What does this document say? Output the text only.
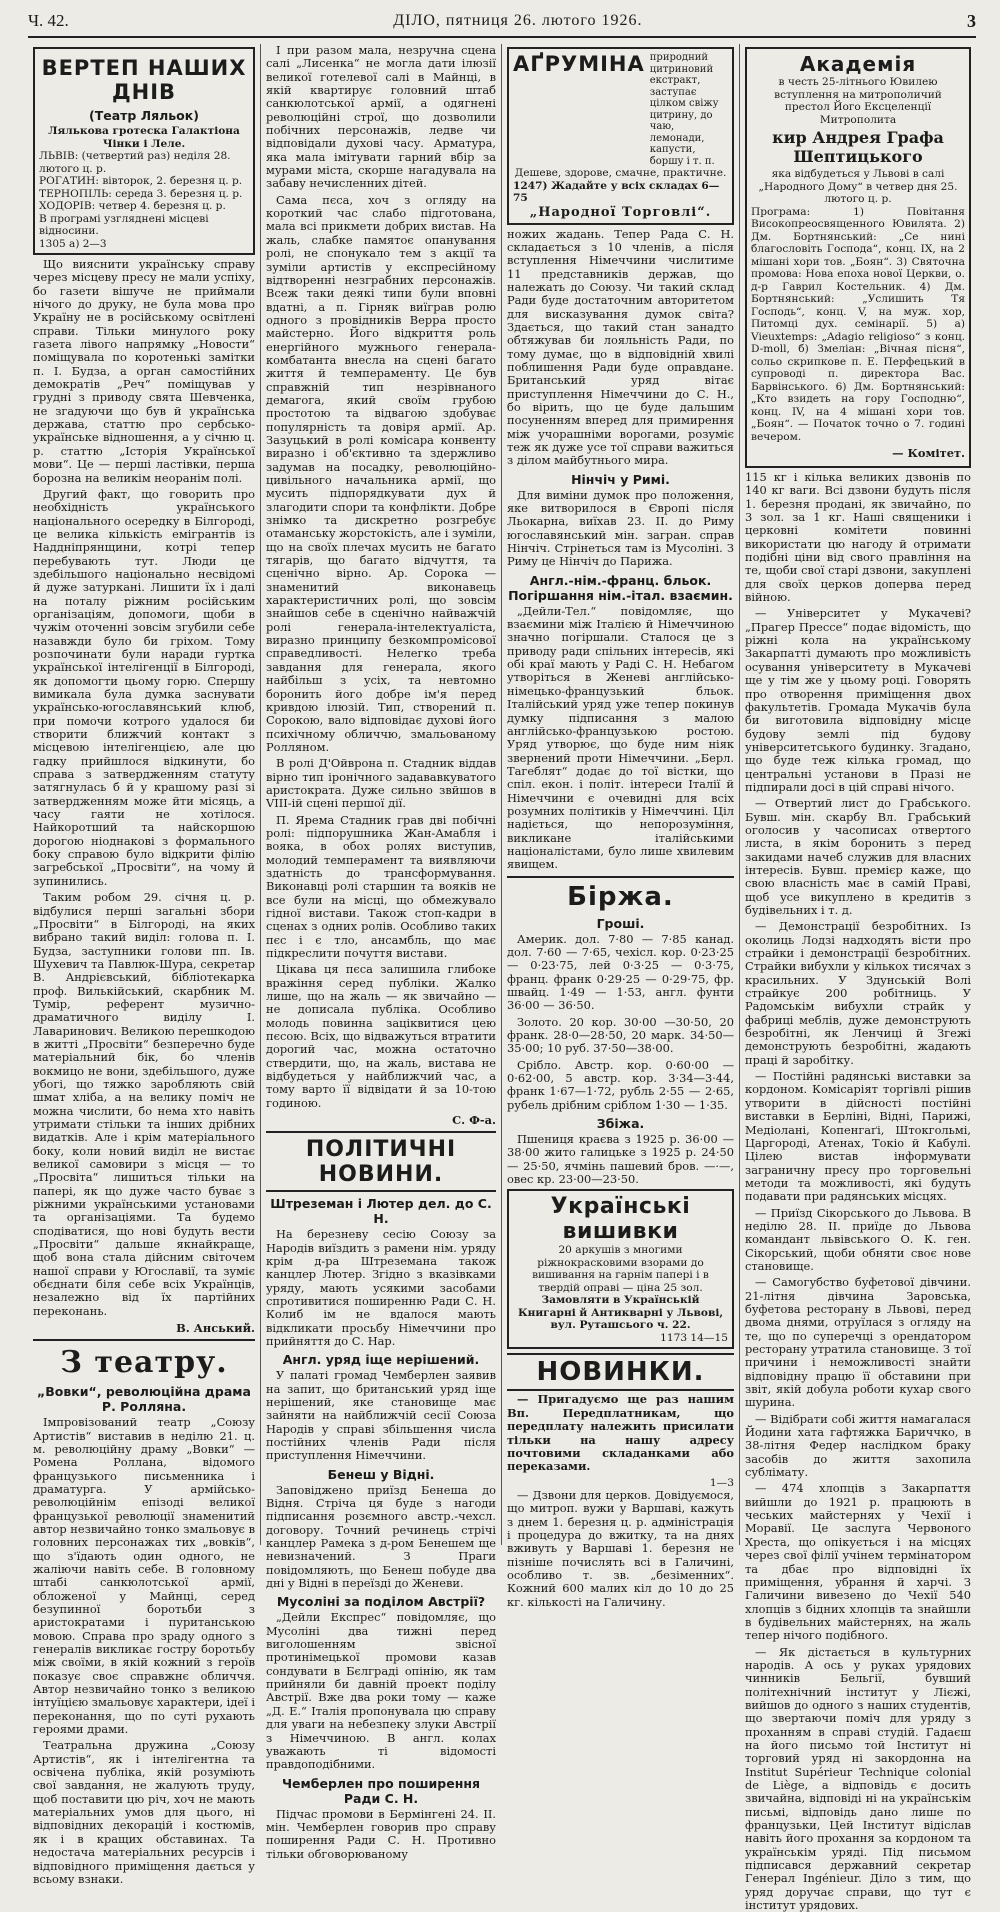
Ч. 42.	ДІЛО, пятниця 26. лютого 1926.	3
ВЕРТЕП НАШИХ ДНІВ
(Театр Ляльок)
Лялькова гротеска Галактіона Чінки і Леле.
ЛЬВІВ: (четвертий раз) неділя 28. лютого ц. р.
РОГАТИН: вівторок, 2. березня ц. р.
ТЕРНОПІЛЬ: середа 3. березня ц. р.
ХОДОРІВ: четвер 4. березня ц. р.
В програмі узгляднені місцеві відносини.
1305 a) 2—3

Що вияснити українську справу через місцеву пресу не мали успіху, бо газети вішуче не приймали нічого до друку, не була мова про Україну не в російському освітлені справи. Тільки минулого року газета лівого напрямку „Новости“ поміщувала по коротенькі замітки п. І. Будза, а орган самостійних демократів „Реч“ поміщував у грудні з приводу свята Шевченка, не згадуючи що був й українська держава, статтю про сербсько-українське відношення, а у січню ц. р. статтю „Історія Української мови“. Це — перші ластівки, перша борозна на великім неоранім полі.

Другий факт, що говорить про необхідність українського національного осередку в Білгороді, це велика кількість емігрантів із Наддніпрянщини, котрі тепер перебувають тут. Люди це здебільшого національно несвідомі й дуже затуркані. Лишити їх і далі на поталу ріжним російським організаціям, допомоги, щоби в чужім оточенні зовсім згубили себе назавжди було би гріхом. Тому розпочинати були наради гуртка української інтелігенції в Білгороді, як допомогти цьому горю. Спершу вимикала була думка заснувати українсько-югославянський клюб, при помочи котрого удалося би створити ближчий контакт з місцевою інтелігенцією, але цю гадку прийшлося відкинути, бо справа з затвердженням статуту затягнулась б й у крашому разі зі затвердженням може йти місяць, а часу гаяти не хотілося. Найкоротший та найскоршою дорогою ніоднакові з формального боку справою було відкрити філію загребської „Просвіти“, на чому й зупинились.

Таким робом 29. січня ц. р. відбулися перші загальні збори „Просвіти“ в Білгороді, на яких вибрано такий виділ: голова п. І. Будза, заступники голови пп. Ів. Шухевич та Павлюк-Шура, секретар В. Андрієвський, бібліотекарка проф. Вилькійський, скарбник М. Тумір, референт музично-драматичного виділу І. Лаваринович. Великою перешкодою в житті „Просвіти“ безперечно буде матеріальний бік, бо членів вокмицо не вони, здебільшого, дуже убогі, що тяжко заробляють свій шмат хліба, а на велику поміч не можна числити, бо нема хто навіть утримати стільки та інших дрібних видатків. Але і крім матеріального боку, коли новий виділ не вистає великої самовири з місця — то „Просвіта“ лишиться тільки на папері, як що дуже часто буває з ріжними українськими установами та організаціями. Та будемо сподіватися, що нові будуть вести „Просвіти“ дальше якнайкраще, щоб вона стала дійсним світочем нашої справи у Югославії, та зуміє обєднати біля себе всіх Українців, незалежно від їх партійних переконань.

В. Анський.
З театру.
„Вовки“, революційна драма Р. Ролляна.

Імпровізований театр „Союзу Артистів“ виставив в неділю 21. ц. м. революційну драму „Вовки“ — Ромена Роллана, відомого французького письменника і драматурга. У армійсько-революційнім епізоді великої французької революції знаменитий автор незвичайно тонко змальовує в головних персонажах тих „вовків“, що з'їдають один одного, не жаліючи навіть себе. В головному штабі санкюлотської армії, обложеної у Майнці, серед безупинної боротьби з аристократами і пуританською мовою. Справа про зраду одного з генералів викликає гостру боротьбу між своїми, в якій кожний з героїв показує своє справжнє обличчя. Автор незвичайно тонко з великою інтуїцією змальовує характери, ідеї і переконання, що по суті рухають героями драми.

Театральна дружина „Союзу Артистів“, як і інтелігентна та освічена публіка, якій розуміють свої завдання, не жалують труду, щоб поставити цю річ, хоч не мають матеріальних умов для цього, ні відповідних декорацій і костюмів, як і в кращих обставинах. Та недостача матеріальних ресурсів і відповідного приміщення дається у всьому взнаки.

І при разом мала, незручна сцена салі „Лисенка“ не могла дати ілюзії великої готелевої салі в Майнці, в якій квартирує головний штаб санкюлотської армії, а одягнені революційні строї, що дозволили побічних персонажів, ледве чи відповідали духові часу. Арматура, яка мала імітувати гарний вбір за мурами міста, скорше нагадувала на забаву нечисленних дітей.

Сама пєса, хоч з огляду на короткий час слабо підготована, мала всі прикмети добрих вистав. На жаль, слабке памятоє опанування ролі, не спонукало тем з акції та зуміли артистів у експресійному відтворенні незграбних персонажів. Всеж таки деякі типи були вповні вдатні, а п. Гірняк виїграв ролю одного з провідників Верра просто майстерно. Його відкриття роль енергійного мужнього генерала-комбатанта внесла на сцені багато життя й темпераменту. Це був справжній тип незрівнаного демагога, який своїм грубою простотою та відвагою здобуває популярність та довіря армії. Ар. Зазуцький в ролі комісара конвенту виразно і об'єктивно та здержливо задумав на посадку, революційно-цивільного начальника армії, що мусить підпорядкувати дух й злагодити спори та конфлікти. Добре знімко та дискретно розгребує отаманську жорстокість, але і зуміли, що на своїх плечах мусить не багато тягарів, що багато відчуття, та сценічно вірно. Ар. Сорока — знаменитий виконавець характеристичних ролі, що зовсім знайшов себе в сценічно найважчій ролі генерала-інтелектуаліста, виразно принципу безкомпромісової справедливості. Нелегко треба завдання для генерала, якого найбільш з усіх, та невтомно боронить його добре ім'я перед кривдою ілюзій. Тип, створений п. Сорокою, вало відповідає духові його психічному обличчю, змальованому Ролляном.

В ролі Д'Ойврона п. Стадник віддав вірно тип іронічного задававкуватого аристократа. Дуже сильно звйшов в VIII-ій сцені першої дії.

П. Ярема Стадник грав дві побічні ролі: підпорушника Жан-Амабля і вояка, в обох ролях виступив, молодий темперамент та виявляючи здатність до трансформування. Виконавці ролі старшин та вояків не все були на місці, що обмежувало гідної вистави. Також стоп-кадри в сценах з одних ролів. Особливо таких пєс і є тло, ансамбль, що має підкреслити почуття вистави.

Цікава ця пєса залишила глибоке вражіння серед публіки. Жалко лише, що на жаль — як звичайно — не дописала публіка. Особливо молодь повинна заціквитися цею пєсою. Всіх, що відважуться втратити дорогий час, можна остаточно ствердити, що, на жаль, вистава не відбудеться у найближчий час, а тому варто її відвідати й за 10-тою годиною.

С. Ф-а.
ПОЛІТИЧНІ НОВИНИ.
Штреземан і Лютер дел. до С. Н.

На березневу сесію Союзу за Народів виїздить з рамени нім. уряду крім д-ра Штреземана також канцлер Лютер. Згідно з вказівками уряду, мають усякими засобами спротивитися поширенню Ради С. Н. Колиб ім не вдалося мають відкликати просьбу Німеччини про прийняття до С. Нар.

Англ. уряд іще нерішений.

У палаті громад Чемберлен заявив на запит, що британський уряд іще нерішений, яке становище має зайняти на найближчій сесії Союза Народів у справі збільшення числа постійних членів Ради після приступлення Німеччини.

Бенеш у Відні.

Заповіджено приїзд Бенеша до Відня. Стріча ця буде з нагоди підписання розємного австр.-чехсл. договору. Точний речинець стрічі канцлер Рамека з д-ром Бенешем ще невизначений. З Праги повідомляють, що Бенеш побуде два дні у Відні в переїзді до Женеви.

Мусоліні за поділом Австрії?

„Дейли Експрес“ повідомляє, що Мусоліні два тижні перед виголошенням звісної протинімецької промови казав сондувати в Бєлграді опінію, як там прийняли би давній проект поділу Австрії. Вже два роки тому — каже „Д. Е.“ Італія пропонувала цю справу для уваги на небезпеку злуки Австрії з Німеччиною. В англ. колах уважають ті відомості правдоподібними.

Чемберлен про поширення Ради С. Н.

Підчас промови в Бермінгені 24. ІІ. мін. Чемберлен говорив про справу поширення Ради С. Н. Противно тільки обговорюваному

АҐРУМІНА природний цитриновий екстракт, заступає цілком свіжу цитрину, до чаю, лемонади, капусти, боршу і т. п.
Дешеве, здорове, смачне, практичне.
1247) Жадайте у всіх складах 6—75
„Народної Торговлі“.

ножих жадань. Тепер Рада С. Н. складається з 10 членів, а після вступлення Німеччини числитиме 11 представників держав, що належать до Союзу. Чи такий склад Ради буде достаточним авторитетом для висказування думок світа? Здається, що такий стан занадто обтяжував би лояльність Ради, по тому думає, що в відповідній хвилі поблишення Ради буде оправдане. Британський уряд вітає приступлення Німеччини до С. Н., бо вірить, що це буде дальшим посуненням вперед для примирення між учорашніми ворогами, розуміє теж як дуже усе тої справи важиться з ділом майбутнього мира.

Нінчіч у Римі.

Для виміни думок про положення, яке витворилося в Європі після Льокарна, виїхав 23. ІІ. до Риму югославянський мін. загран. справ Нінчіч. Стрінеться там із Мусоліні. З Риму це Нінчіч до Парижа.

Англ.-нім.-франц. бльок. Погіршання нім.-італ. взаємин.

„Дейли-Тел.“ повідомляє, що взаємини між Італією й Німеччиною значно погіршали. Сталося це з приводу ради спільних інтересів, які обі краї мають у Раді С. Н. Небагом утворіться в Женеві англійсько-німецько-французький бльок. Італійський уряд уже тепер покинув думку підписання з малою англійсько-французькою ростою. Уряд утворює, що буде ним ніяк звернений проти Німеччини. „Берл. Тагеблят“ додає до тої вістки, що спіл. екон. і політ. інтереси Італії й Німеччини є очевидні для всіх розумних політиків у Німеччині. Ціл надіється, що непорозуміння, викликане італійськими націоналістами, було лише хвилевим явищем.

Біржа.
Гроші.

Америк. дол. 7·80 — 7·85 канад. дол. 7·60 — 7·65, чехісл. кор. 0·23·25 — 0·23·75, лей 0·3·25 — 0·3·75, франц. франк 0·29·25 — 0·29·75, фр. швайц. 1·49 — 1·53, англ. фунти 36·00 — 36·50.

Золото. 20 кор. 30·00 —30·50, 20 франк. 28·0—28·50, 20 марк. 34·50—35·00; 10 руб. 37·50—38·00.

Срібло. Австр. кор. 0·60·00 — 0·62·00, 5 австр. кор. 3·34—3·44, франк 1·67—1·72, рубль 2·55 — 2·65, рубель дрібним сріблом 1·30 — 1·35.

Збіжа.

Пшениця краєва з 1925 р. 36·00 — 38·00 жито галицьке з 1925 р. 24·50 — 25·50, ячмінь пашевий бров. —·—, овес кр. 23·00—23·50.

Українські вишивки
20 аркушів з многими ріжнокрасковими взорами до вишивання на гарнім папері і в твердій оправі — ціна 25 зол.
Замовляти в Українській Книгарні й Антикварні у Львові, вул. Руташсього ч. 22.
1173 14—15
НОВИНКИ.

— Пригадуємо ще раз нашим Вп. Передплатникам, що передплату належить присилати тільки на нашу адресу почтовими складанками або переказами.

1—3

— Дзвони для церков. Довідуємося, що митроп. вужи у Варшаві, кажуть з днем 1. березня ц. р. адміністрація і процедура до вжитку, та на днях вживуть у Варшаві 1. березня не пізніше почислять всі в Галичині, особливо т. зв. „безіменних“. Кожний 600 малих кіл до 10 до 25 кг. кількості на Галичину.

Академія
в честь 25-літнього Ювилею вступлення на митрополичий престол Його Ексцеленції Митрополита
кир Андрея Графа Шептицького
яка відбудеться у Львові в салі „Народного Дому“ в четвер дня 25. лютого ц. р.

Програма: 1) Повітання Високопреосвященного Ювилята. 2) Дм. Бортнянський: „Се нині благословіть Господа“, конц. IX, на 2 мішані хори тов. „Боян“. 3) Святочна промова: Нова епоха нової Церкви, о. д-р Гаврил Костельник. 4) Дм. Бортнянський: „Услишить Тя Господь“, конц. V, на муж. хор, Питомці дух. семінарії. 5) а) Vieuxtemps: „Adagio religioso“ з конц. D-moll, б) Змеліан: „Вічная пісня“, сольо скрипкове п. Е. Перфецький в супроводі п. директора Вас. Барвінського. 6) Дм. Бортнянський: „Кто взидеть на гору Господню“, конц. IV, на 4 мішані хори тов. „Боян“. — Початок точно о 7. годині вечером.

— Комітет.

115 кг і кілька великих дзвонів по 140 кг ваги. Всі дзвони будуть після 1. березня продані, як звичайно, по 3 зол. за 1 кг. Наші священики і церковні комітети повинні використати цю нагоду й отримати подібні ціни від свого правління на те, щоби свої старі дзвони, закуплені для своїх церков доперва перед війною.

— Університет у Мукачеві? „Прагер Прессе“ подає відомість, що ріжні кола на українському Закарпатті думають про можливість осування університету в Мукачеві ще у тім же у цьому році. Говорять про отворення приміщення двох факультетів. Громада Мукачів була би виготовила відповідну місце будову землі під будову університетського будинку. Згадано, що буде теж кілька громад, що центральні установи в Празі не підпирали досі в цій справі нічого.

— Отвертий лист до Грабського. Бувш. мін. скарбу Вл. Грабський оголосив у часописах отвертого листа, в якім боронить з перед закидами начеб служив для власних інтересів. Бувш. премієр каже, що свою власність має в самій Праві, щоб усе викуплено в кредитів з будівельних і т. д.

— Демонстрації безробітних. Із околиць Лодзі надходять вісти про страйки і демонстрації безробітних. Страйки вибухли у кількох тисячах з красильних. У Здунській Волі страйкує 200 робітниць. У Радомськім вибухли страйк у фабриці меблів, дуже демонструють безробітні, як Ленчиці й Згежі демонструють безробітні, жадають праці й заробітку.

— Постійні радянські виставки за кордоном. Комісаріят торгівлі рішив утворити в дійсності постійні виставки в Берліні, Відні, Парижі, Медіолані, Копенгаґі, Штокгольмі, Царгороді, Атенах, Токіо й Кабулі. Цілею вистав інформувати заграничну пресу про торговельні методи та можливості, які будуть подавати при радянських місцях.

— Приїзд Сікорського до Львова. В неділю 28. ІІ. приїде до Львова командант львівського О. К. ген. Сікорський, щоби обняти своє нове становище.

— Самогубство буфетової дівчини. 21-літня дівчина Заровська, буфетова ресторану в Львові, перед двома днями, отруїлася з огляду на те, що по суперечці з орендатором ресторану утратила становище. З тої причини і неможливості знайти відповідну працю її обставини при звіт, якій добула роботи кухар свого шурина.

— Відібрати собі життя намагалася Йодини хата гафтяжка Бариччко, в 38-літня Федер наслідком браку засобів до життя захопила сублімату.

— 474 хлопців з Закарпаття вийшли до 1921 р. працюють в чеських майстернях у Чехії і Моравії. Це заслуга Червоного Хреста, що опікується і на місцях через свої філії учінем термінатором та дбає про відповідні їх приміщення, убрання й харчі. З Галичини вивезено до Чехії 540 хлопців з бідних хлопців та знайшли в будівельних майстернях, на жаль тепер нічого подібного.

— Як дістається в культурних народів. А ось у руках урядових чинників Бельгії, бувший політехнічний інститут у Лієжі, вийшов до одного з наших студентів, що звертаючи поміч для уряду з проханням в справі студій. Гадаєш на його письмо той Інститут ні торговий уряд ні закордонна на Institut Supérieur Technique colonial de Liège, а відповідь є досить звичайна, відповіді ні на українськім письмі, відповідь дано лише по французьки, Цей Інститут відіслав навіть його прохання за кордоном та українськім уряді. Під письмом підписався державний секретар Генерал Ingénieur. Діло з тим, що уряд доручає справи, що тут є інститут урядових.
